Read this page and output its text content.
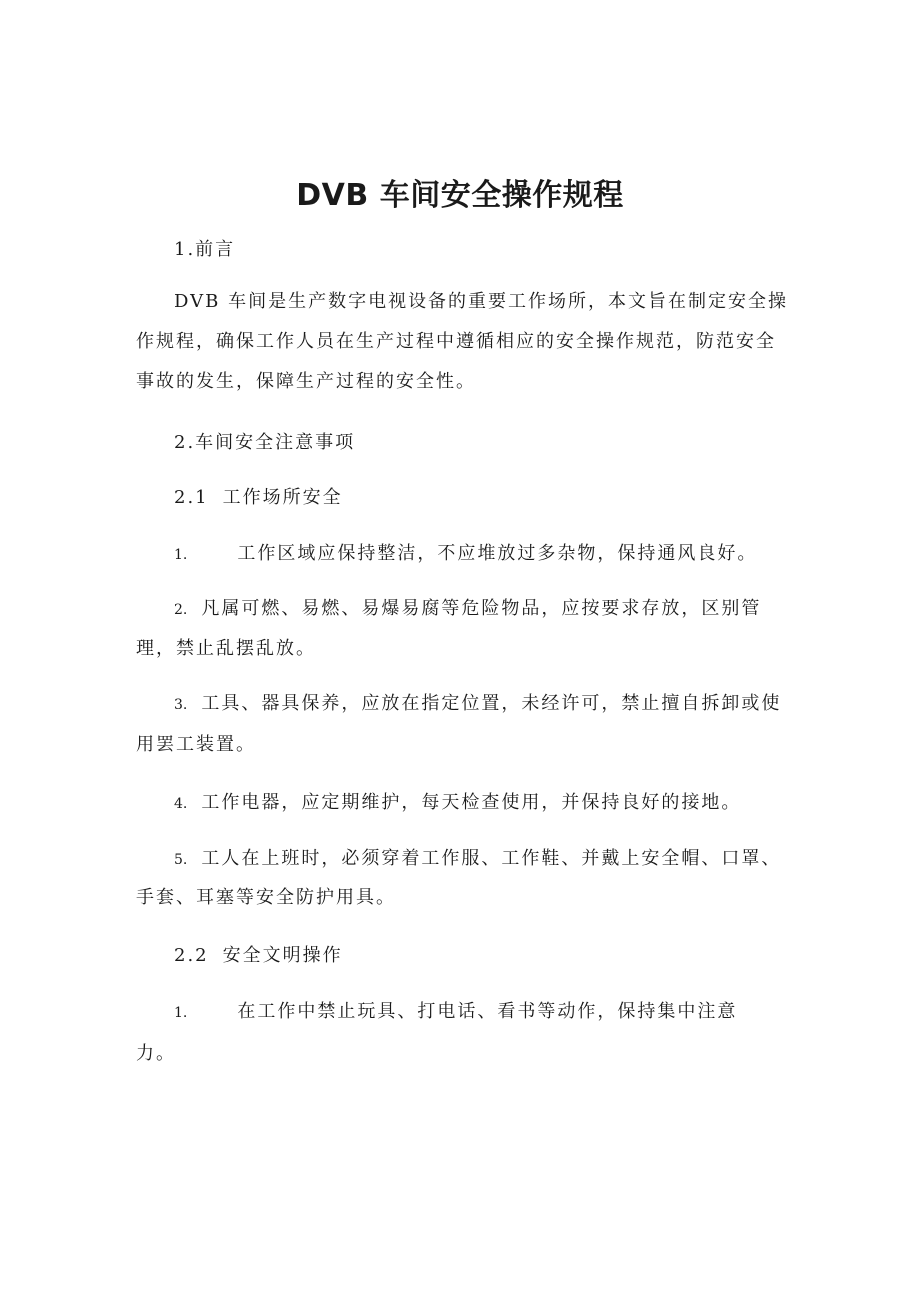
DVB 车间安全操作规程
1.前言
DVB 车间是生产数字电视设备的重要工作场所，本文旨在制定安全操
作规程，确保工作人员在生产过程中遵循相应的安全操作规范，防范安全
事故的发生，保障生产过程的安全性。
2.车间安全注意事项
2.1 工作场所安全
1.	工作区域应保持整洁，不应堆放过多杂物，保持通风良好。
2. 凡属可燃、易燃、易爆易腐等危险物品，应按要求存放，区别管
理，禁止乱摆乱放。
3. 工具、器具保养，应放在指定位置，未经许可，禁止擅自拆卸或使
用罢工装置。
4. 工作电器，应定期维护，每天检查使用，并保持良好的接地。
5. 工人在上班时，必须穿着工作服、工作鞋、并戴上安全帽、口罩、
手套、耳塞等安全防护用具。
2.2 安全文明操作
1.	在工作中禁止玩具、打电话、看书等动作，保持集中注意
力。
